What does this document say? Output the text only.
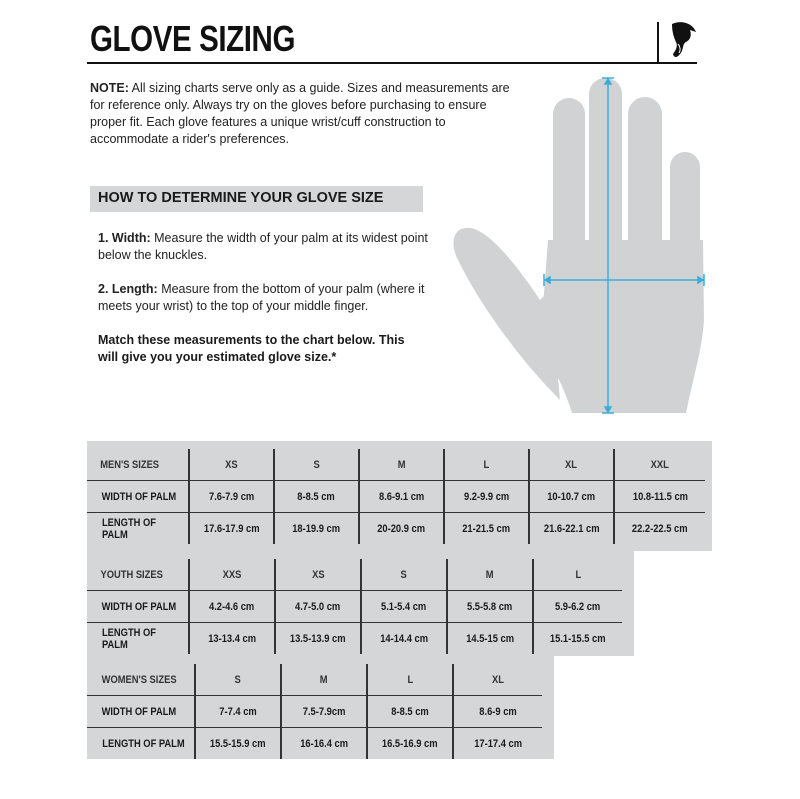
GLOVE SIZING
NOTE: All sizing charts serve only as a guide. Sizes and measurements are for reference only. Always try on the gloves before purchasing to ensure proper fit. Each glove features a unique wrist/cuff construction to accommodate a rider's preferences.
HOW TO DETERMINE YOUR GLOVE SIZE

1. Width: Measure the width of your palm at its widest point below the knuckles.

2. Length: Measure from the bottom of your palm (where it meets your wrist) to the top of your middle finger.

Match these measurements to the chart below. This will give you your estimated glove size.*

MEN'S SIZES	XS	S	M	L	XL	XXL
WIDTH OF PALM	7.6-7.9 cm	8-8.5 cm	8.6-9.1 cm	9.2-9.9 cm	10-10.7 cm	10.8-11.5 cm
LENGTH OF PALM	17.6-17.9 cm	18-19.9 cm	20-20.9 cm	21-21.5 cm	21.6-22.1 cm	22.2-22.5 cm
YOUTH SIZES	XXS	XS	S	M	L
WIDTH OF PALM	4.2-4.6 cm	4.7-5.0 cm	5.1-5.4 cm	5.5-5.8 cm	5.9-6.2 cm
LENGTH OF PALM	13-13.4 cm	13.5-13.9 cm	14-14.4 cm	14.5-15 cm	15.1-15.5 cm
WOMEN'S SIZES	S	M	L	XL
WIDTH OF PALM	7-7.4 cm	7.5-7.9cm	8-8.5 cm	8.6-9 cm
LENGTH OF PALM	15.5-15.9 cm	16-16.4 cm	16.5-16.9 cm	17-17.4 cm
